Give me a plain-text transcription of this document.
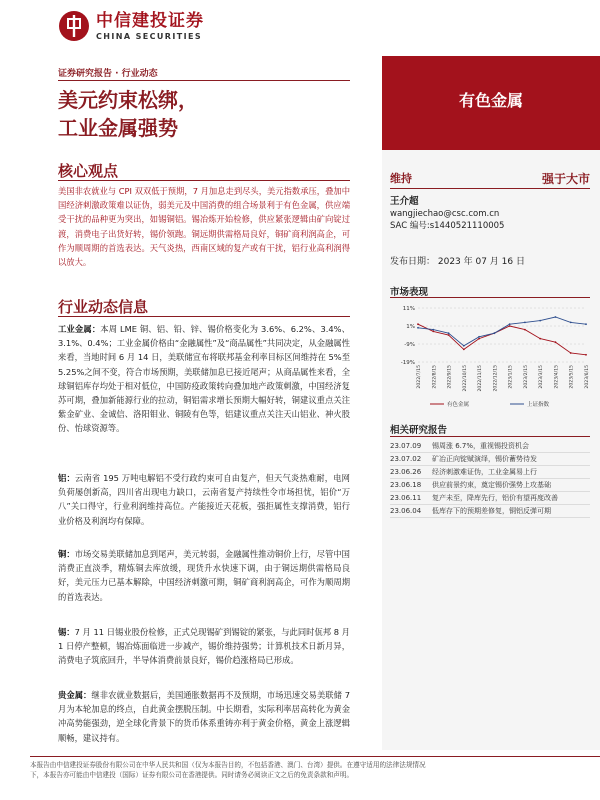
中信建投证券
CHINA SECURITIES
证券研究报告 · 行业动态
美元约束松绑，
工业金属强势
有色金属
核心观点
美国非农就业与 CPI 双双低于预期，7 月加息走到尽头，美元指数承压，叠加中国经济刺激政策难以证伪，弱美元及中国消费的组合场景利于有色金属，供应端受干扰的品种更为突出，如锡铜铝。锡冶炼开始检修，供应紧张逻辑由矿向锭过渡，消费电子出货好转，锡价领跑。铜远期供需格局良好，铜矿商利润高企，可作为顺周期的首选表达。天气炎热，西南区域的复产或有干扰，铝行业高利润得以放大。
行业动态信息
工业金属：本周 LME 铜、铝、铅、锌、锡价格变化为 3.6%、6.2%、3.4%、3.1%、0.4%；工业金属价格由“金融属性”及“商品属性”共同决定，从金融属性来看，当地时间 6 月 14 日，美联储宣布将联邦基金利率目标区间维持在 5%至 5.25%之间不变，符合市场预期，美联储加息已接近尾声；从商品属性来看，全球铜铝库存均处于相对低位，中国防疫政策转向叠加地产政策刺激，中国经济复苏可期，叠加新能源行业的拉动，铜铝需求增长预期大幅好转，铜建议重点关注紫金矿业、金诚信、洛阳钼业、铜陵有色等，铝建议重点关注天山铝业、神火股份、怡球资源等。
铝：云南省 195 万吨电解铝不受行政约束可自由复产，但天气炎热难耐，电网负荷屡创新高，四川省出现电力缺口，云南省复产持续性令市场担忧，铝价“万八”关口得守，行业利润维持高位。产能接近天花板，强拒属性支撑消费，铝行业价格及利润均有保障。
铜：市场交易美联储加息到尾声，美元转弱，金融属性推动铜价上行，尽管中国消费正直淡季，精炼铜去库放缓，现货升水快速下调，由于铜远期供需格局良好，美元压力已基本解除，中国经济刺激可期，铜矿商利润高企，可作为顺周期的首选表达。
锡：7 月 11 日锡业股份检修，正式兑现锡矿到锡锭的紧张，与此同时佤邦 8 月 1 日停产整顿，锡冶炼面临进一步减产，锡价维持强势；计算机技术日新月异，消费电子筑底回升，半导体消费前景良好，锡价趋涨格局已形成。
贵金属：继非农就业数据后，美国通胀数据再不及预期，市场迅速交易美联储 7 月为本轮加息的终点，自此黄金摆脱压制。中长期看，实际利率居高转化为黄金冲高势能强劲，逆全球化背景下的货币体系重铸亦利于黄金价格，黄金上涨逻辑顺畅，建议持有。
维持	强于大市
王介超
wangjiechao@csc.com.cn
SAC 编号:s1440521110005
发布日期： 2023 年 07 月 16 日
市场表现
11%
1%
-9%
-19%
2022/7/15 2022/8/15 2022/9/15 2022/10/15 2022/11/15 2022/12/15 2023/1/15 2023/2/15 2023/3/15 2023/4/15 2023/5/15 2023/6/15
有色金属	上证指数
相关研究报告
23.07.09	锡周涨 6.7%，重视锡投资机会
23.07.02	矿冶正向锭赋演绎，锡价蓄势待发
23.06.26	经济刺激难证伪，工业金属易上行
23.06.18	供应前景约束，奠定锡价强势上攻基础
23.06.11	复产未至，降库先行，铝价有望再度改善
23.06.04	低库存下的预期差修复，铜铝反弹可期
本报告由中信建投证券股份有限公司在中华人民共和国（仅为本报告目的，不包括香港、澳门、台湾）提供。在遵守适用的法律法规情况
下，本报告亦可能由中信建投（国际）证券有限公司在香港提供。同时请务必阅读正文之后的免责条款和声明。
